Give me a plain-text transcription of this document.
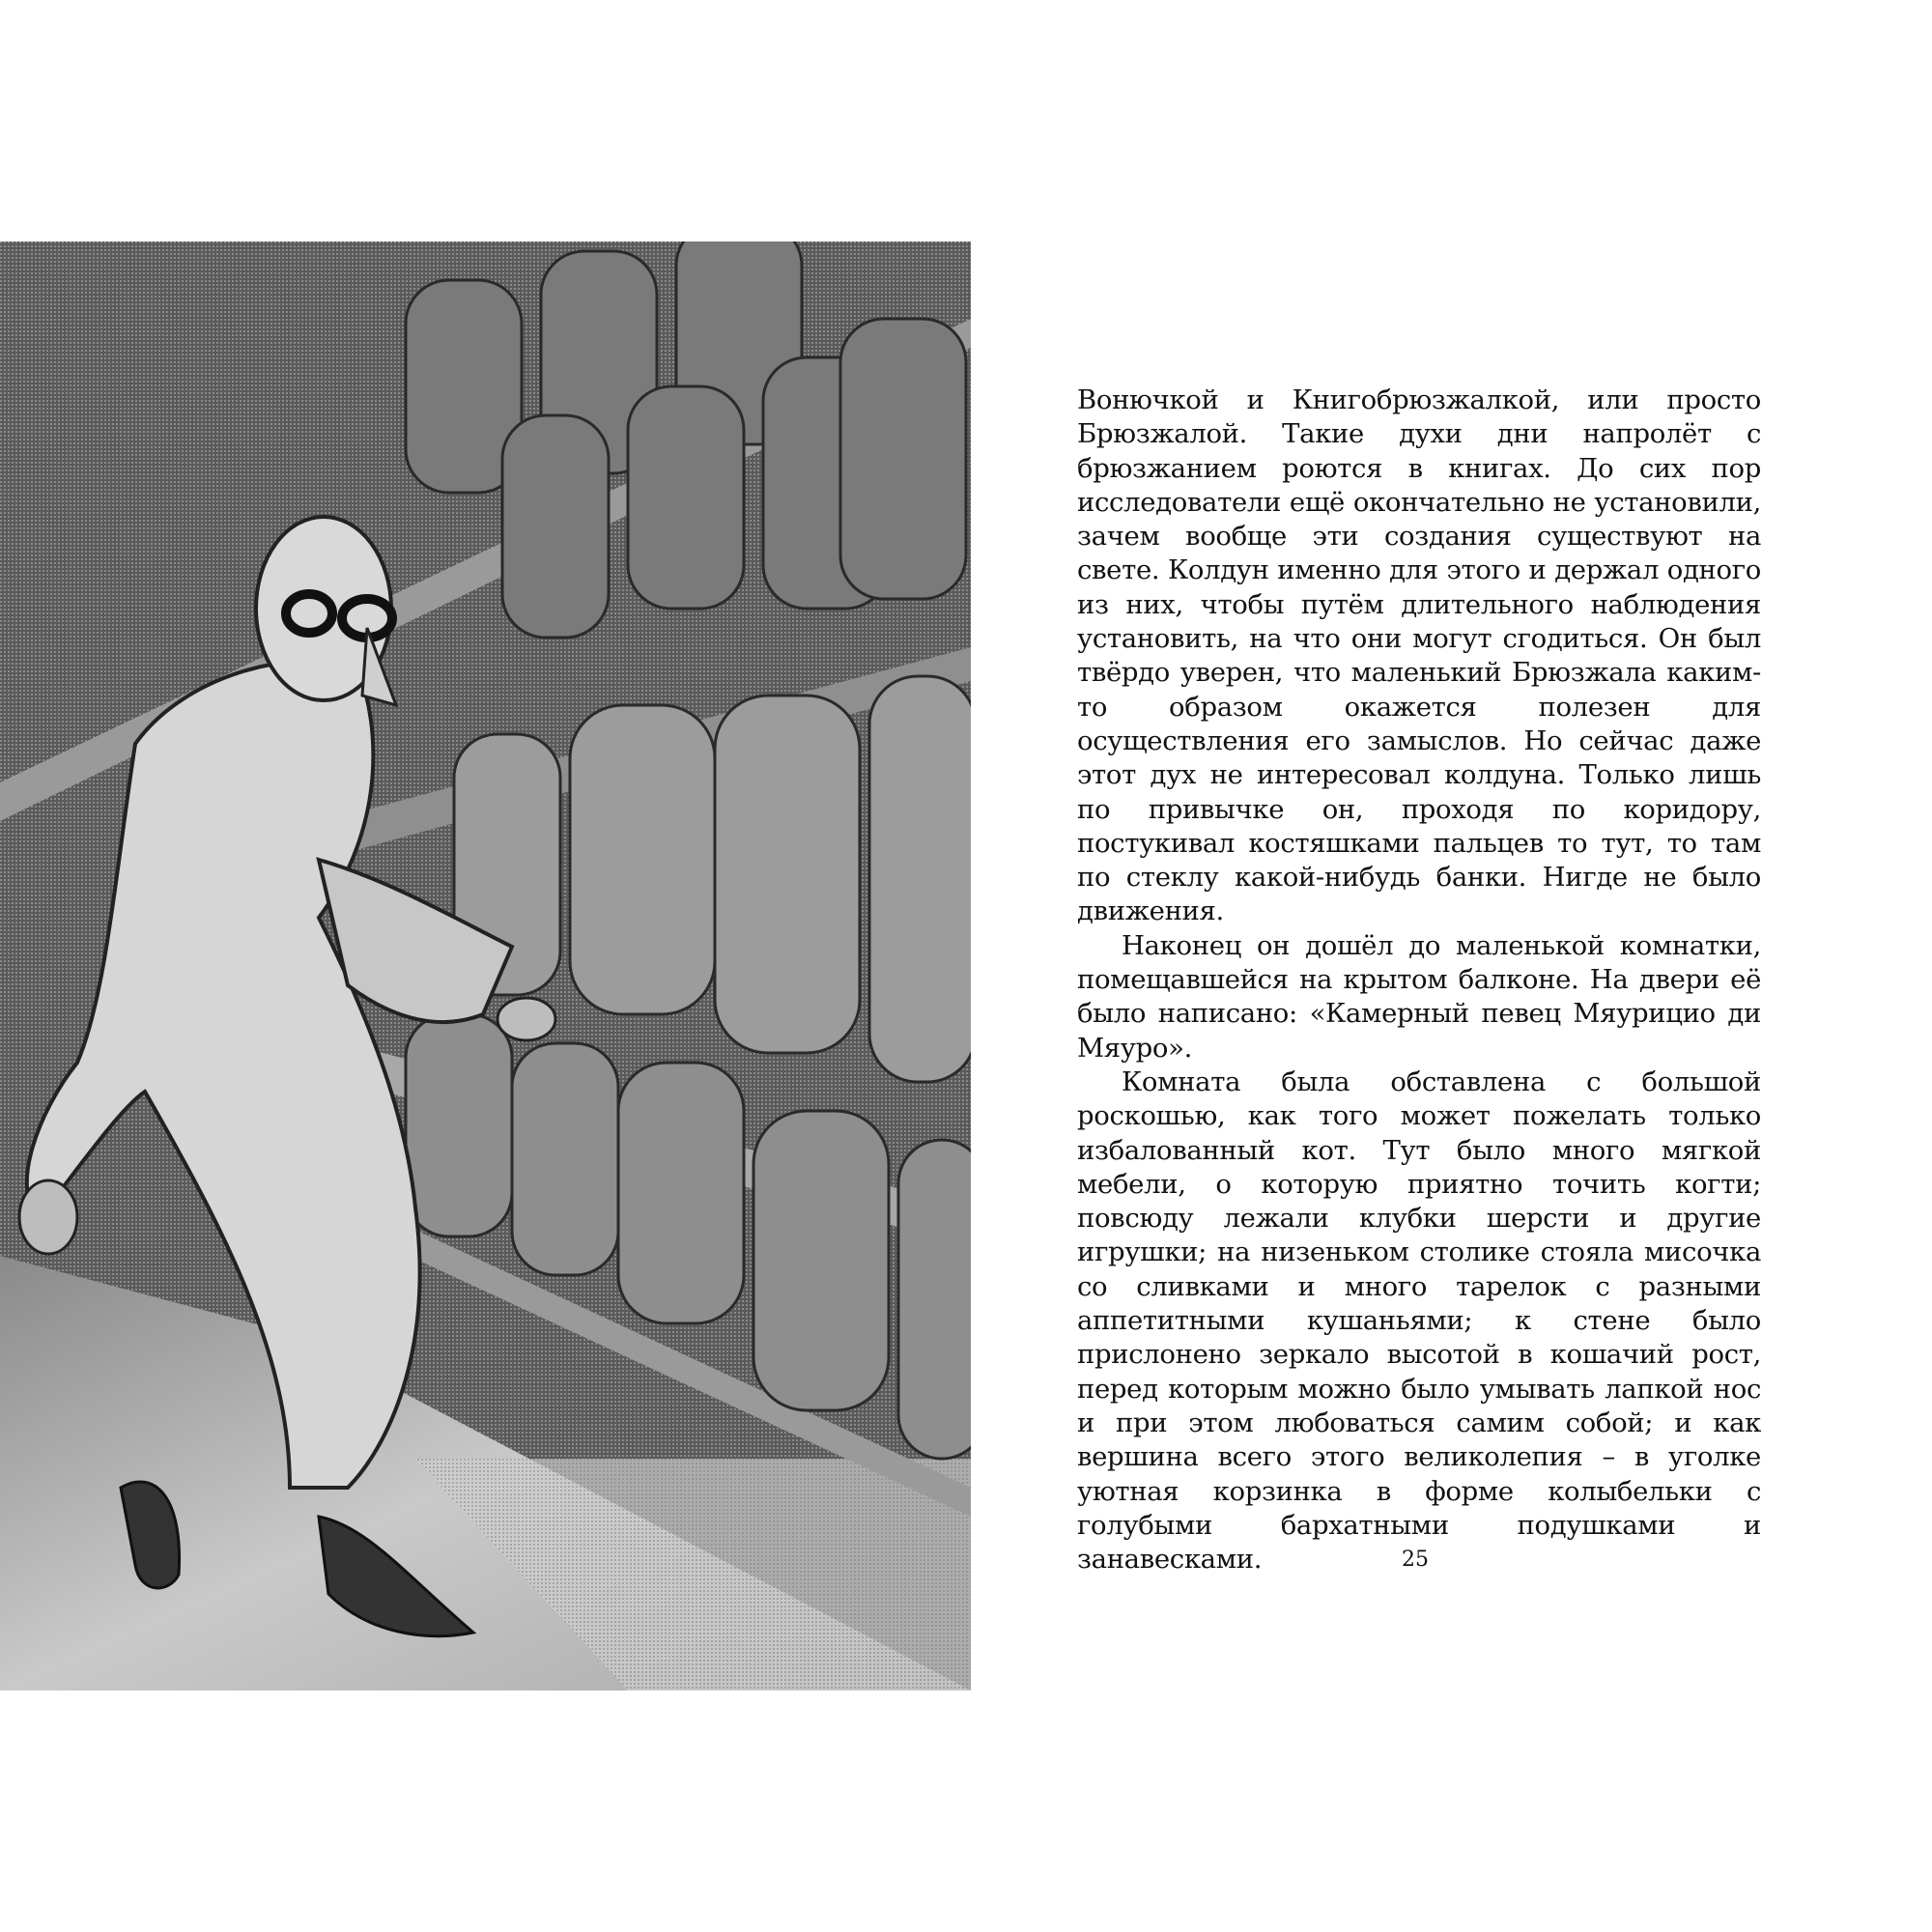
Вонючкой и Книгобрюзжалкой, или просто Брюзжалой. Такие духи дни напролёт с брюзжанием роются в книгах. До сих пор исследователи ещё окончательно не установили, зачем вообще эти создания существуют на свете. Колдун именно для этого и держал одного из них, чтобы путём длительного наблюдения установить, на что они могут сгодиться. Он был твёрдо уверен, что маленький Брюзжала каким-то образом окажется полезен для осуществления его замыслов. Но сейчас даже этот дух не интересовал колдуна. Только лишь по привычке он, проходя по коридору, постукивал костяшками пальцев то тут, то там по стеклу какой-нибудь банки. Нигде не было движения.

Наконец он дошёл до маленькой комнатки, помещавшейся на крытом балконе. На двери её было написано: «Камерный певец Мяурицио ди Мяуро».

Комната была обставлена с большой роскошью, как того может пожелать только избалованный кот. Тут было много мягкой мебели, о которую приятно точить когти; повсюду лежали клубки шерсти и другие игрушки; на низеньком столике стояла мисочка со сливками и много тарелок с разными аппетитными кушаньями; к стене было прислонено зеркало высотой в кошачий рост, перед которым можно было умывать лапкой нос и при этом любоваться самим собой; и как вершина всего этого великолепия – в уголке уютная корзинка в форме колыбельки с голубыми бархатными подушками и занавесками.	25
